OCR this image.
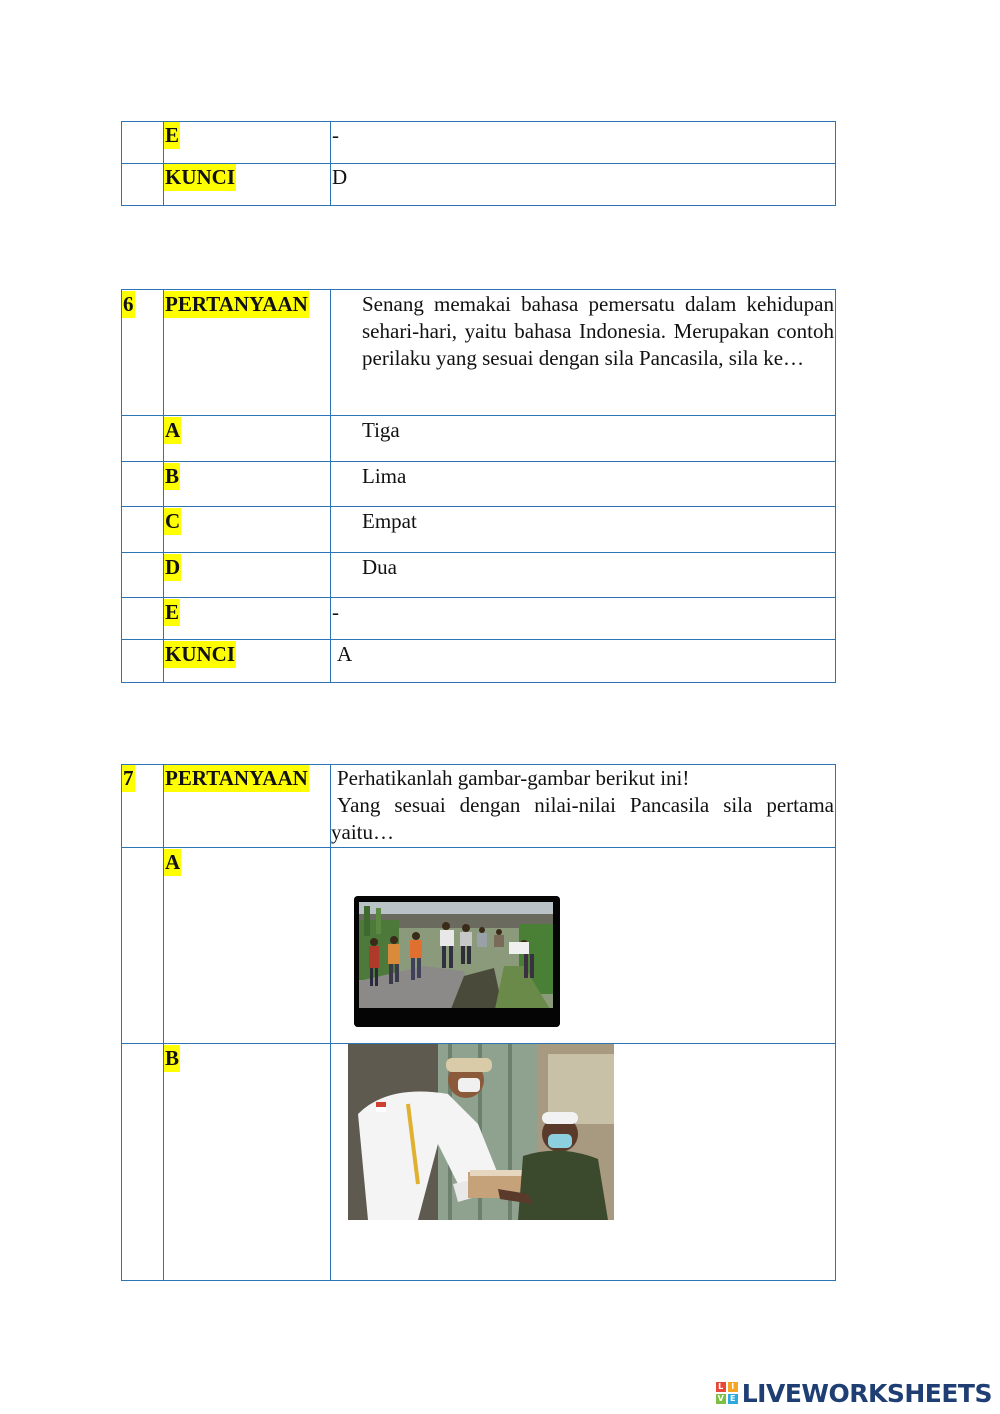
	E	-
	KUNCI	D
6	PERTANYAAN	Senang memakai bahasa pemersatu dalam kehidupan sehari-hari, yaitu bahasa Indonesia. Merupakan contoh perilaku yang sesuai dengan sila Pancasila, sila ke…

	A	Tiga

	B	Lima

	C	Empat

	D	Dua

	E	-
	KUNCI	A
7	PERTANYAAN	Perhatikanlah gambar-gambar berikut ini!
Yang sesuai dengan nilai-nilai Pancasila sila pertama yaitu…

	A	
	B	
L I
V E LIVEWORKSHEETS
